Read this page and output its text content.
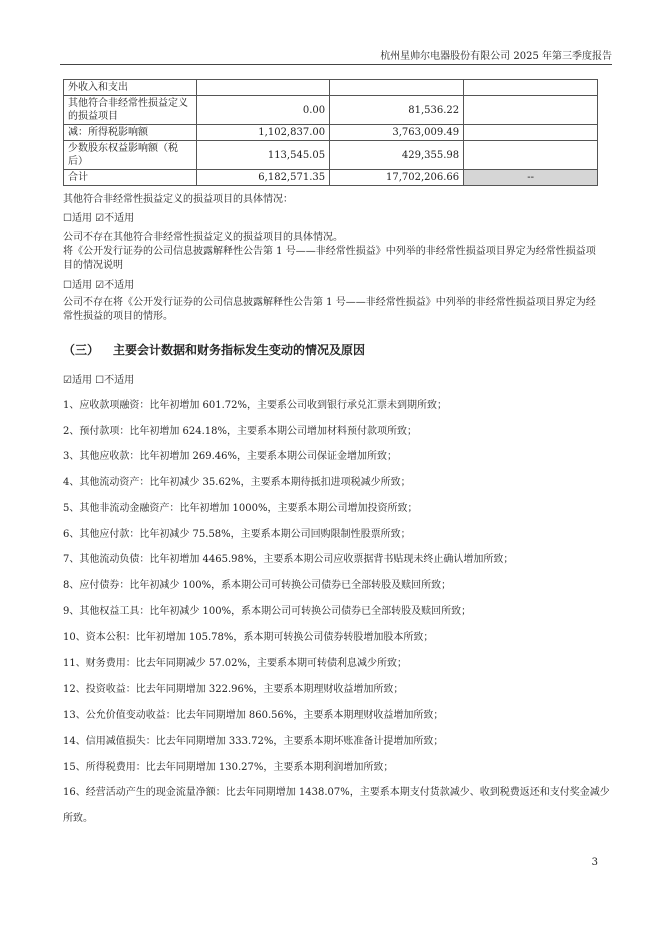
杭州星帅尔电器股份有限公司 2025 年第三季度报告
外收入和支出			
其他符合非经常性损益定义的损益项目	0.00	81,536.22	
减：所得税影响额	1,102,837.00	3,763,009.49	
少数股东权益影响额（税后）	113,545.05	429,355.98	
合计	6,182,571.35	17,702,206.66	--
其他符合非经常性损益定义的损益项目的具体情况：
☐适用 ☑不适用
公司不存在其他符合非经常性损益定义的损益项目的具体情况。
将《公开发行证券的公司信息披露解释性公告第 1 号——非经常性损益》中列举的非经常性损益项目界定为经常性损益项目的情况说明
☐适用 ☑不适用
公司不存在将《公开发行证券的公司信息披露解释性公告第 1 号——非经常性损益》中列举的非经常性损益项目界定为经常性损益的项目的情形。
（三） 主要会计数据和财务指标发生变动的情况及原因
☑适用 ☐不适用
1、应收款项融资：比年初增加 601.72%，主要系公司收到银行承兑汇票未到期所致；
2、预付款项：比年初增加 624.18%，主要系本期公司增加材料预付款项所致；
3、其他应收款：比年初增加 269.46%，主要系本期公司保证金增加所致；
4、其他流动资产：比年初减少 35.62%，主要系本期待抵扣进项税减少所致；
5、其他非流动金融资产：比年初增加 1000%，主要系本期公司增加投资所致；
6、其他应付款：比年初减少 75.58%，主要系本期公司回购限制性股票所致；
7、其他流动负债：比年初增加 4465.98%，主要系本期公司应收票据背书贴现未终止确认增加所致；
8、应付债券：比年初减少 100%，系本期公司可转换公司债券已全部转股及赎回所致；
9、其他权益工具：比年初减少 100%，系本期公司可转换公司债券已全部转股及赎回所致；
10、资本公积：比年初增加 105.78%，系本期可转换公司债券转股增加股本所致；
11、财务费用：比去年同期减少 57.02%，主要系本期可转债利息减少所致；
12、投资收益：比去年同期增加 322.96%，主要系本期理财收益增加所致；
13、公允价值变动收益：比去年同期增加 860.56%，主要系本期理财收益增加所致；
14、信用减值损失：比去年同期增加 333.72%，主要系本期坏账准备计提增加所致；
15、所得税费用：比去年同期增加 130.27%，主要系本期利润增加所致；
16、经营活动产生的现金流量净额：比去年同期增加 1438.07%，主要系本期支付货款减少、收到税费返还和支付奖金减少所致。
3
